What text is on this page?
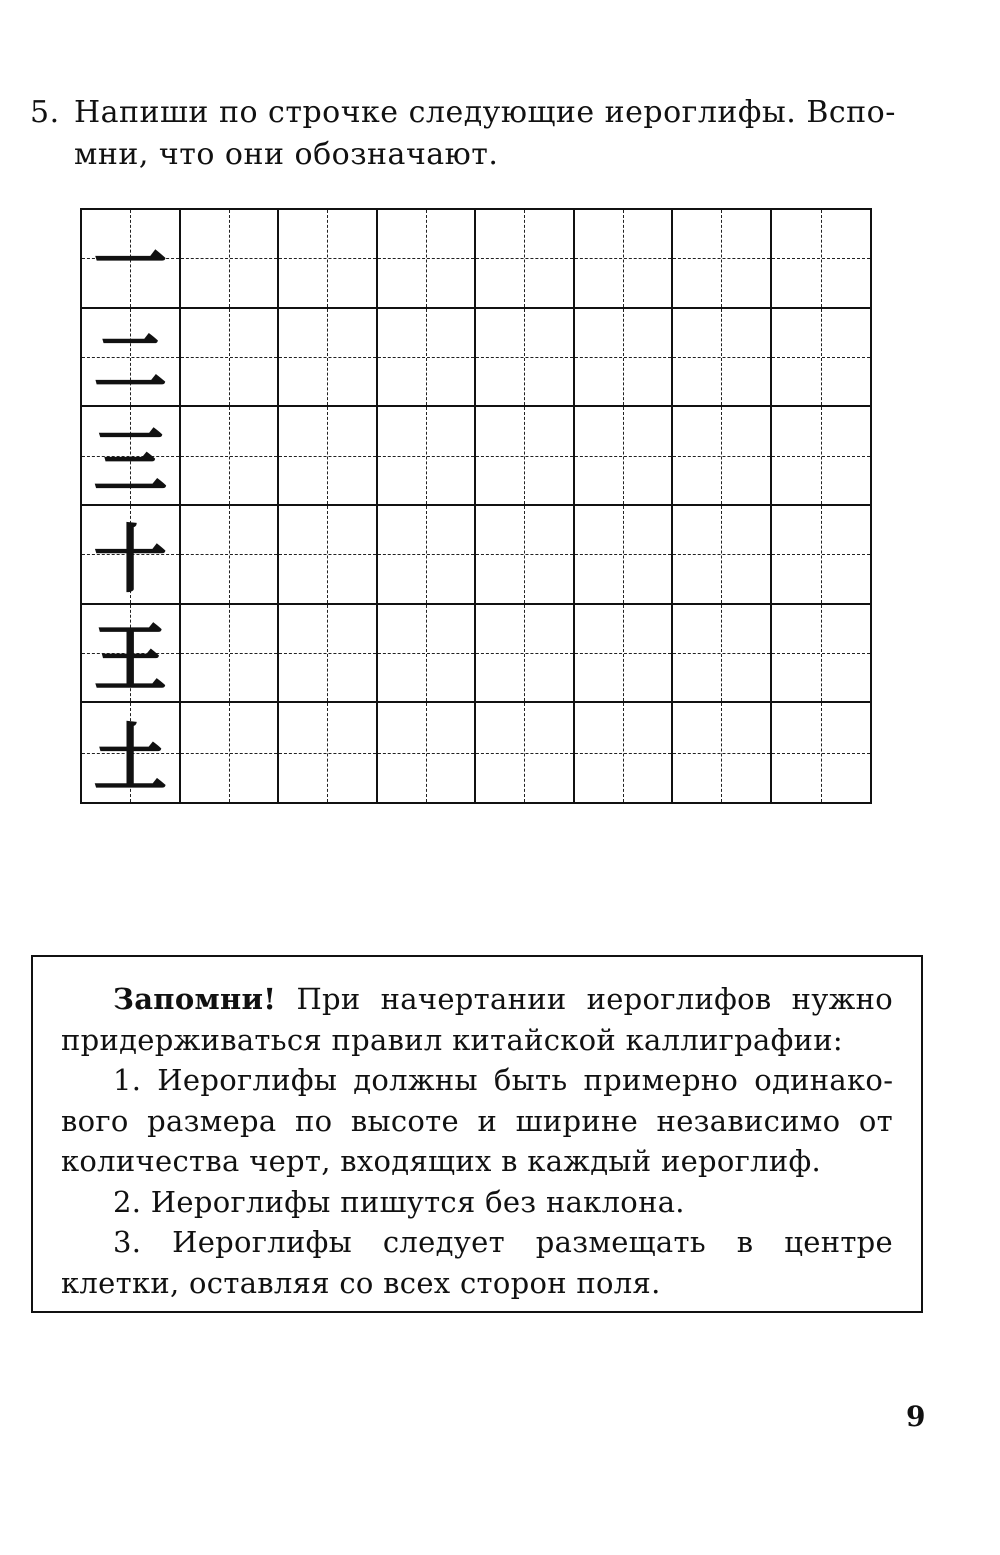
5. Напиши по строчке следующие иероглифы. Вспо-
мни, что они обозначают.
一
二
三
十
王
土

Запомни! При начертании иероглифов нужно придерживаться правил китайской каллиграфии:

1. Иероглифы должны быть примерно одинакового размера по высоте и ширине независимо от количества черт, входящих в каждый иероглиф.

2. Иероглифы пишутся без наклона.

3. Иероглифы следует размещать в центре клетки, оставляя со всех сторон поля.

9
